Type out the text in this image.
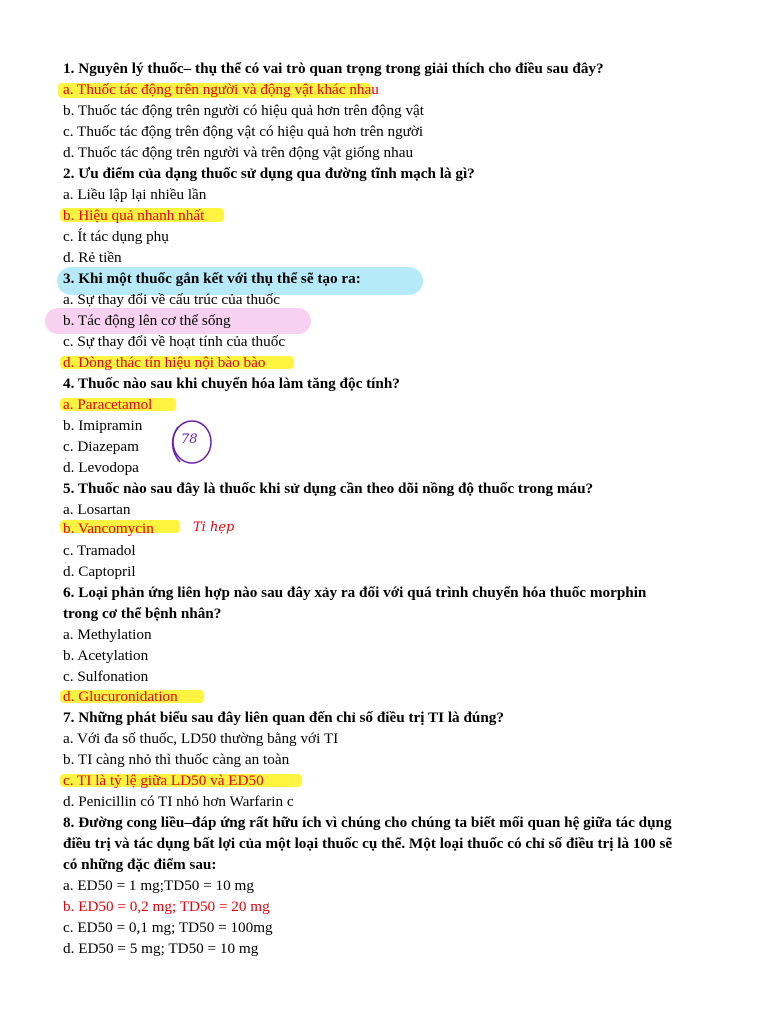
1. Nguyên lý thuốc– thụ thể có vai trò quan trọng trong giải thích cho điều sau đây?
a. Thuốc tác động trên người và động vật khác nhau
b. Thuốc tác động trên người có hiệu quả hơn trên động vật
c. Thuốc tác động trên động vật có hiệu quả hơn trên người
d. Thuốc tác động trên người và trên động vật giống nhau
2. Ưu điểm của dạng thuốc sử dụng qua đường tĩnh mạch là gì?
a. Liều lập lại nhiều lần
b. Hiệu quả nhanh nhất
c. Ít tác dụng phụ
d. Rẻ tiền
3. Khi một thuốc gắn kết với thụ thể sẽ tạo ra:
a. Sự thay đổi về cấu trúc của thuốc
b. Tác động lên cơ thể sống
c. Sự thay đổi về hoạt tính của thuốc
d. Dòng thác tín hiệu nội bào bào
4. Thuốc nào sau khi chuyển hóa làm tăng độc tính?
a. Paracetamol
b. Imipramin
c. Diazepam
d. Levodopa
5. Thuốc nào sau đây là thuốc khi sử dụng cần theo dõi nồng độ thuốc trong máu?
a. Losartan
b. Vancomycin
c. Tramadol
d. Captopril
6. Loại phản ứng liên hợp nào sau đây xảy ra đối với quá trình chuyển hóa thuốc morphin
trong cơ thể bệnh nhân?
a. Methylation
b. Acetylation
c. Sulfonation
d. Glucuronidation
7. Những phát biểu sau đây liên quan đến chỉ số điều trị TI là đúng?
a. Với đa số thuốc, LD50 thường bằng với TI
b. TI càng nhỏ thì thuốc càng an toàn
c. TI là tỷ lệ giữa LD50 và ED50
d. Penicillin có TI nhỏ hơn Warfarin c
8. Đường cong liều–đáp ứng rất hữu ích vì chúng cho chúng ta biết mối quan hệ giữa tác dụng
điều trị và tác dụng bất lợi của một loại thuốc cụ thể. Một loại thuốc có chỉ số điều trị là 100 sẽ
có những đặc điểm sau:
a. ED50 = 1 mg;TD50 = 10 mg
b. ED50 = 0,2 mg; TD50 = 20 mg
c. ED50 = 0,1 mg; TD50 = 100mg
d. ED50 = 5 mg; TD50 = 10 mg
78
Ti hẹp
